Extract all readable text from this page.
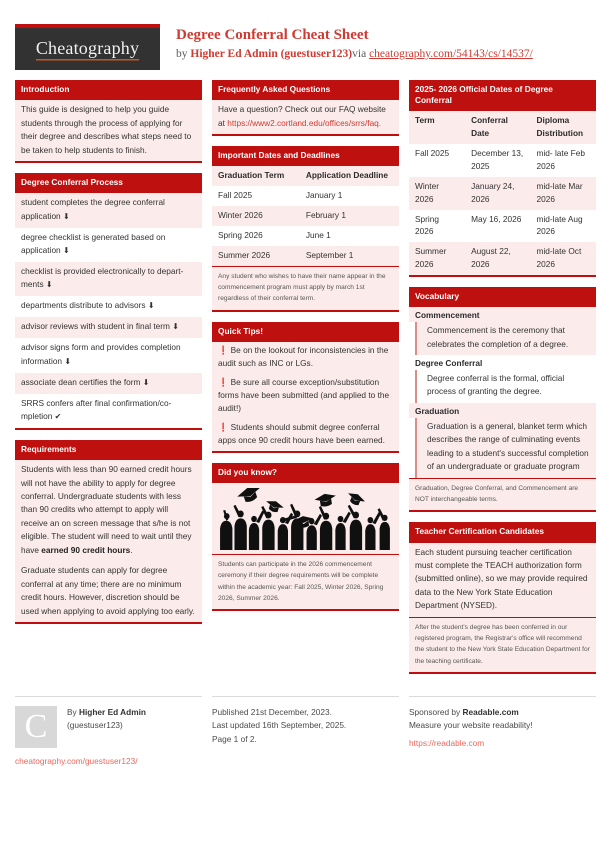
Cheatography
Degree Conferral Cheat Sheet
by Higher Ed Admin (guestuser123)via cheatography.com/54143/cs/14537/
Introduction
This guide is designed to help you guide students through the process of applying for their degree and describes what steps need to be taken to help students to finish.
Degree Conferral Process
student completes the degree conferral application ⬇
degree checklist is generated based on application ⬇
checklist is provided electronically to departments ⬇
departments distribute to advisors ⬇
advisor reviews with student in final term ⬇
advisor signs form and provides completion information ⬇
associate dean certifies the form ⬇
SRRS confers after final confirmation/completion ✔
Requirements
Students with less than 90 earned credit hours will not have the ability to apply for degree conferral. Undergraduate students with less than 90 credits who attempt to apply will receive an on screen message that s/he is not eligible. The student will need to wait until they have earned 90 credit hours.
Graduate students can apply for degree conferral at any time; there are no minimum credit hours. However, discretion should be used when applying to avoid applying too early.
Frequently Asked Questions
Have a question? Check out our FAQ website at https://www2.cortland.edu/offices/srrs/faq.
Important Dates and Deadlines
Graduation Term	Application Deadline
Fall 2025	January 1
Winter 2026	February 1
Spring 2026	June 1
Summer 2026	September 1
Any student who wishes to have their name appear in the commencement program must apply by march 1st regardless of their conferral term.
Quick Tips!
❗ Be on the lookout for inconsistencies in the audit such as INC or LGs.
❗ Be sure all course exception/substitution forms have been submitted (and applied to the audit!)
❗ Students should submit degree conferral apps once 90 credit hours have been earned.
Did you know?
Students can participate in the 2026 commencement ceremony if their degree requirements will be complete within the academic year: Fall 2025, Winter 2026, Spring 2026, Summer 2026.
2025- 2026 Official Dates of Degree Conferral
Term	Conferral Date	Diploma Distribution
Fall 2025	December 13, 2025	mid- late Feb 2026
Winter 2026	January 24, 2026	mid-late Mar 2026
Spring 2026	May 16, 2026	mid-late Aug 2026
Summer 2026	August 22, 2026	mid-late Oct 2026
Vocabulary
Commencement
Commencement is the ceremony that celebrates the completion of a degree.
Degree Conferral
Degree conferral is the formal, official process of granting the degree.
Graduation
Graduation is a general, blanket term which describes the range of culminating events leading to a student's successful completion of an undergraduate or graduate program
Graduation, Degree Conferral, and Commencement are NOT interchangeable terms.
Teacher Certification Candidates
Each student pursuing teacher certification must complete the TEACH authorization form (submitted online), so we may provide required data to the New York State Education Department (NYSED).
After the student's degree has been conferred in our registered program, the Registrar's office will recommend the student to the New York State Education Department for the teaching certificate.
C	By Higher Ed Admin
(guestuser123)
cheatography.com/guestuser123/
Published 21st December, 2023.
Last updated 16th September, 2025.
Page 1 of 2.
Sponsored by Readable.com
Measure your website readability!
https://readable.com
